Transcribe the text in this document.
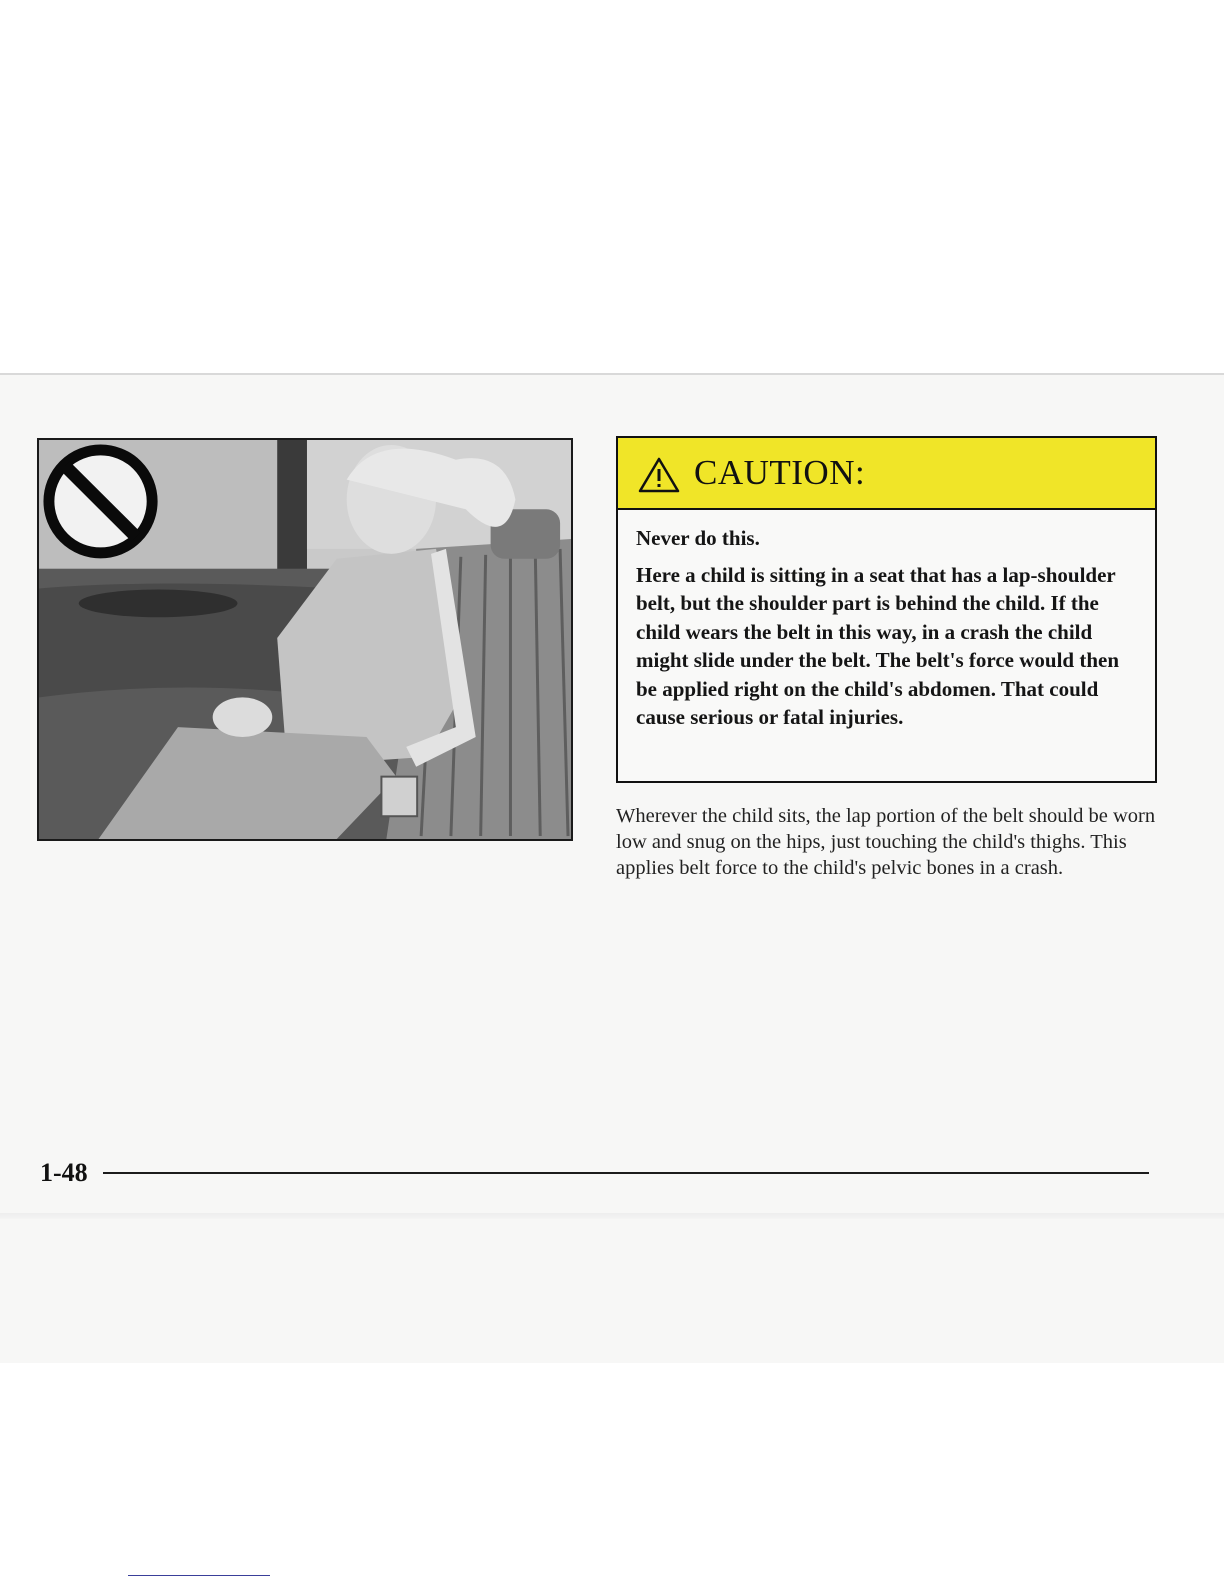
CAUTION:

Never do this.

Here a child is sitting in a seat that has a lap-shoulder belt, but the shoulder part is behind the child. If the child wears the belt in this way, in a crash the child might slide under the belt. The belt's force would then be applied right on the child's abdomen. That could cause serious or fatal injuries.

Wherever the child sits, the lap portion of the belt should be worn low and snug on the hips, just touching the child's thighs. This applies belt force to the child's pelvic bones in a crash.

1-48
